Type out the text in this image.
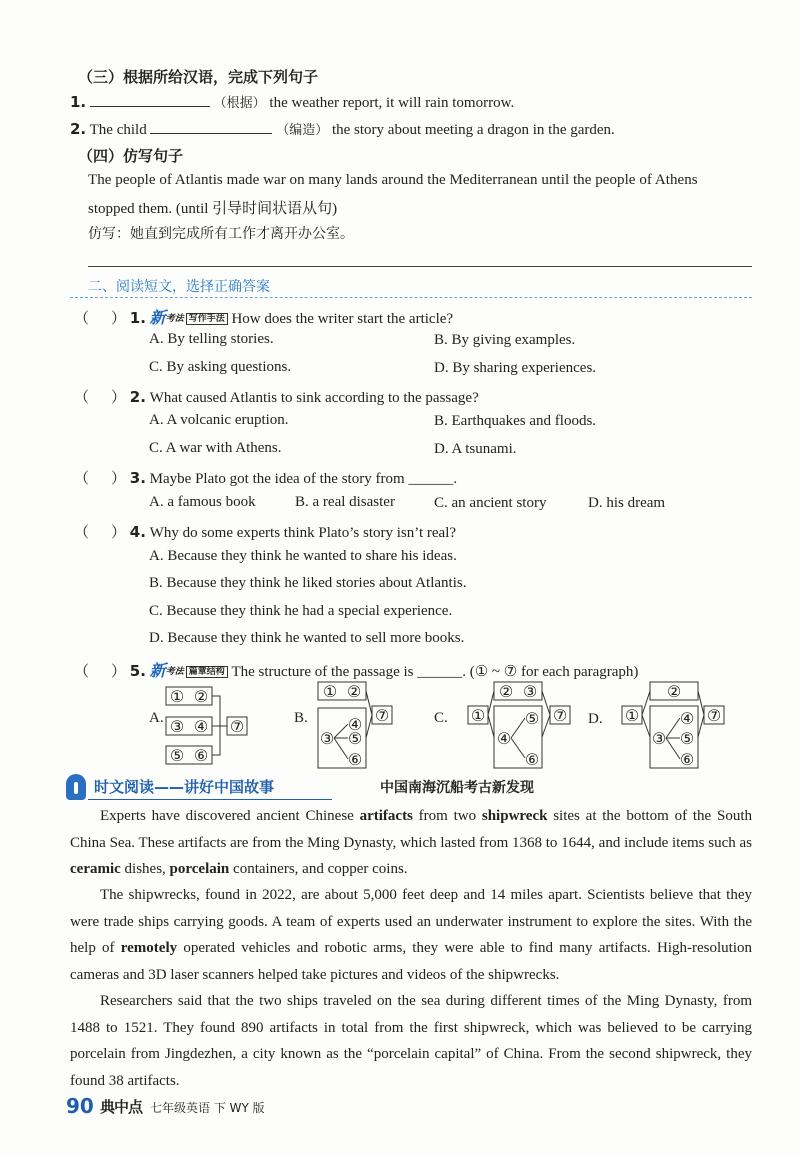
（三）根据所给汉语，完成下列句子
1.	（根据） the weather report, it will rain tomorrow.
2. The child	（编造） the story about meeting a dragon in the garden.
（四）仿写句子
The people of Atlantis made war on many lands around the Mediterranean until the people of Athens
stopped them. (until 引导时间状语从句)
仿写：她直到完成所有工作才离开办公室。
二、阅读短文，选择正确答案
（ ） 1. 新考法 写作手法 How does the writer start the article?
A. By telling stories.	B. By giving examples.
C. By asking questions.	D. By sharing experiences.
（ ） 2. What caused Atlantis to sink according to the passage?
A. A volcanic eruption.	B. Earthquakes and floods.
C. A war with Athens.	D. A tsunami.
（ ） 3. Maybe Plato got the idea of the story from ______.
A. a famous book	B. a real disaster	C. an ancient story	D. his dream
（ ） 4. Why do some experts think Plato’s story isn’t real?
A. Because they think he wanted to share his ideas.
B. Because they think he liked stories about Atlantis.
C. Because they think he had a special experience.
D. Because they think he wanted to sell more books.
（ ） 5. 新考法 篇章结构 The structure of the passage is ______. (① ~ ⑦ for each paragraph)
A.	B.	C.	D.
① ②
③ ④
⑤ ⑥
⑦
① ②
④
③ ⑤
⑥
⑦
② ③
① ⑤
④
⑥
⑦	①
②
④
③ ⑤
⑥
⑦
时文阅读——讲好中国故事	中国南海沉船考古新发现
Experts have discovered ancient Chinese artifacts from two shipwreck sites at the bottom of the South China Sea. These artifacts are from the Ming Dynasty, which lasted from 1368 to 1644, and include items such as ceramic dishes, porcelain containers, and copper coins.
The shipwrecks, found in 2022, are about 5,000 feet deep and 14 miles apart. Scientists believe that they were trade ships carrying goods. A team of experts used an underwater instrument to explore the sites. With the help of remotely operated vehicles and robotic arms, they were able to find many artifacts. High-resolution cameras and 3D laser scanners helped take pictures and videos of the shipwrecks.
Researchers said that the two ships traveled on the sea during different times of the Ming Dynasty, from 1488 to 1521. They found 890 artifacts in total from the first shipwreck, which was believed to be carrying porcelain from Jingdezhen, a city known as the “porcelain capital” of China. From the second shipwreck, they found 38 artifacts.
90 典中点 七年级英语 下 WY 版
